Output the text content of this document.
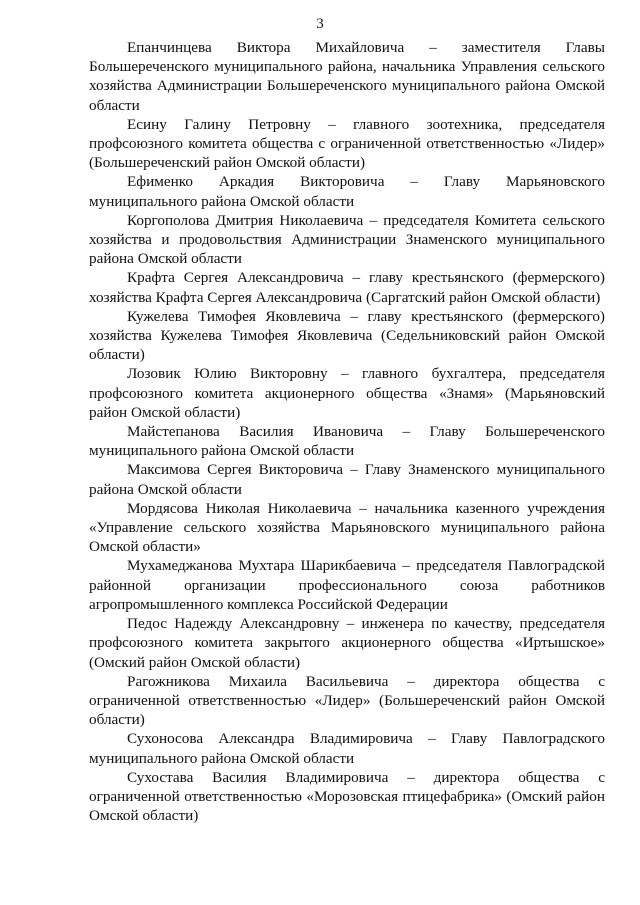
3

Епанчинцева Виктора Михайловича – заместителя Главы Большереченского муниципального района, начальника Управления сельского хозяйства Администрации Большереченского муниципального района Омской области

Есину Галину Петровну – главного зоотехника, председателя профсоюзного комитета общества с ограниченной ответственностью «Лидер» (Большереченский район Омской области)

Ефименко Аркадия Викторовича – Главу Марьяновского муниципального района Омской области

Коргополова Дмитрия Николаевича – председателя Комитета сельского хозяйства и продовольствия Администрации Знаменского муниципального района Омской области

Крафта Сергея Александровича – главу крестьянского (фермерского) хозяйства Крафта Сергея Александровича (Саргатский район Омской области)

Кужелева Тимофея Яковлевича – главу крестьянского (фермерского) хозяйства Кужелева Тимофея Яковлевича (Седельниковский район Омской области)

Лозовик Юлию Викторовну – главного бухгалтера, председателя профсоюзного комитета акционерного общества «Знамя» (Марьяновский район Омской области)

Майстепанова Василия Ивановича – Главу Большереченского муниципального района Омской области

Максимова Сергея Викторовича – Главу Знаменского муниципального района Омской области

Мордясова Николая Николаевича – начальника казенного учреждения «Управление сельского хозяйства Марьяновского муниципального района Омской области»

Мухамеджанова Мухтара Шарикбаевича – председателя Павлоградской районной организации профессионального союза работников агропромышленного комплекса Российской Федерации

Педос Надежду Александровну – инженера по качеству, председателя профсоюзного комитета закрытого акционерного общества «Иртышское» (Омский район Омской области)

Рагожникова Михаила Васильевича – директора общества с ограниченной ответственностью «Лидер» (Большереченский район Омской области)

Сухоносова Александра Владимировича – Главу Павлоградского муниципального района Омской области

Сухостава Василия Владимировича – директора общества с ограниченной ответственностью «Морозовская птицефабрика» (Омский район Омской области)
